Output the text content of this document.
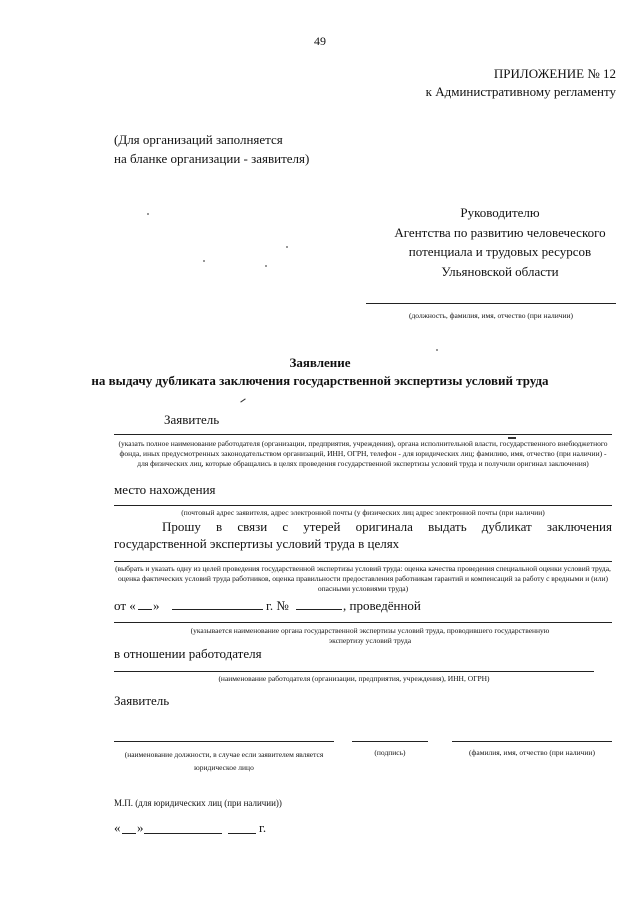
49
ПРИЛОЖЕНИЕ № 12
к Административному регламенту
(Для организаций заполняется
на бланке организации - заявителя)
Руководителю
Агентства по развитию человеческого
потенциала и трудовых ресурсов
Ульяновской области
(должность, фамилия, имя, отчество (при наличии)
Заявление
на выдачу дубликата заключения государственной экспертизы условий труда
Заявитель
(указать полное наименование работодателя (организации, предприятия, учреждения), органа исполнительной власти, государственного внебюджетного фонда, иных предусмотренных законодательством организаций, ИНН, ОГРН, телефон - для юридических лиц; фамилию, имя, отчество (при наличии) - для физических лиц, которые обращались в целях проведения государственной экспертизы условий труда и получили оригинал заключения)
место нахождения
(почтовый адрес заявителя, адрес электронной почты (у физических лиц адрес электронной почты (при наличии)
Прошу в связи с утерей оригинала выдать дубликат заключения
государственной экспертизы условий труда в целях
(выбрать и указать одну из целей проведения государственной экспертизы условий труда: оценка качества проведения специальной оценки условий труда, оценка фактических условий труда работников, оценка правильности предоставления работникам гарантий и компенсаций за работу с вредными и (или) опасными условиями труда)
от « »	г. №	, проведённой
(указывается наименование органа государственной экспертизы условий труда, проводившего государственную экспертизу условий труда
в отношении работодателя
(наименование работодателя (организации, предприятия, учреждения), ИНН, ОГРН)
Заявитель
(наименование должности, в случае если заявителем является юридическое лицо
(подпись)	(фамилия, имя, отчество (при наличии)
М.П. (для юридических лиц (при наличии))
« »	г.
